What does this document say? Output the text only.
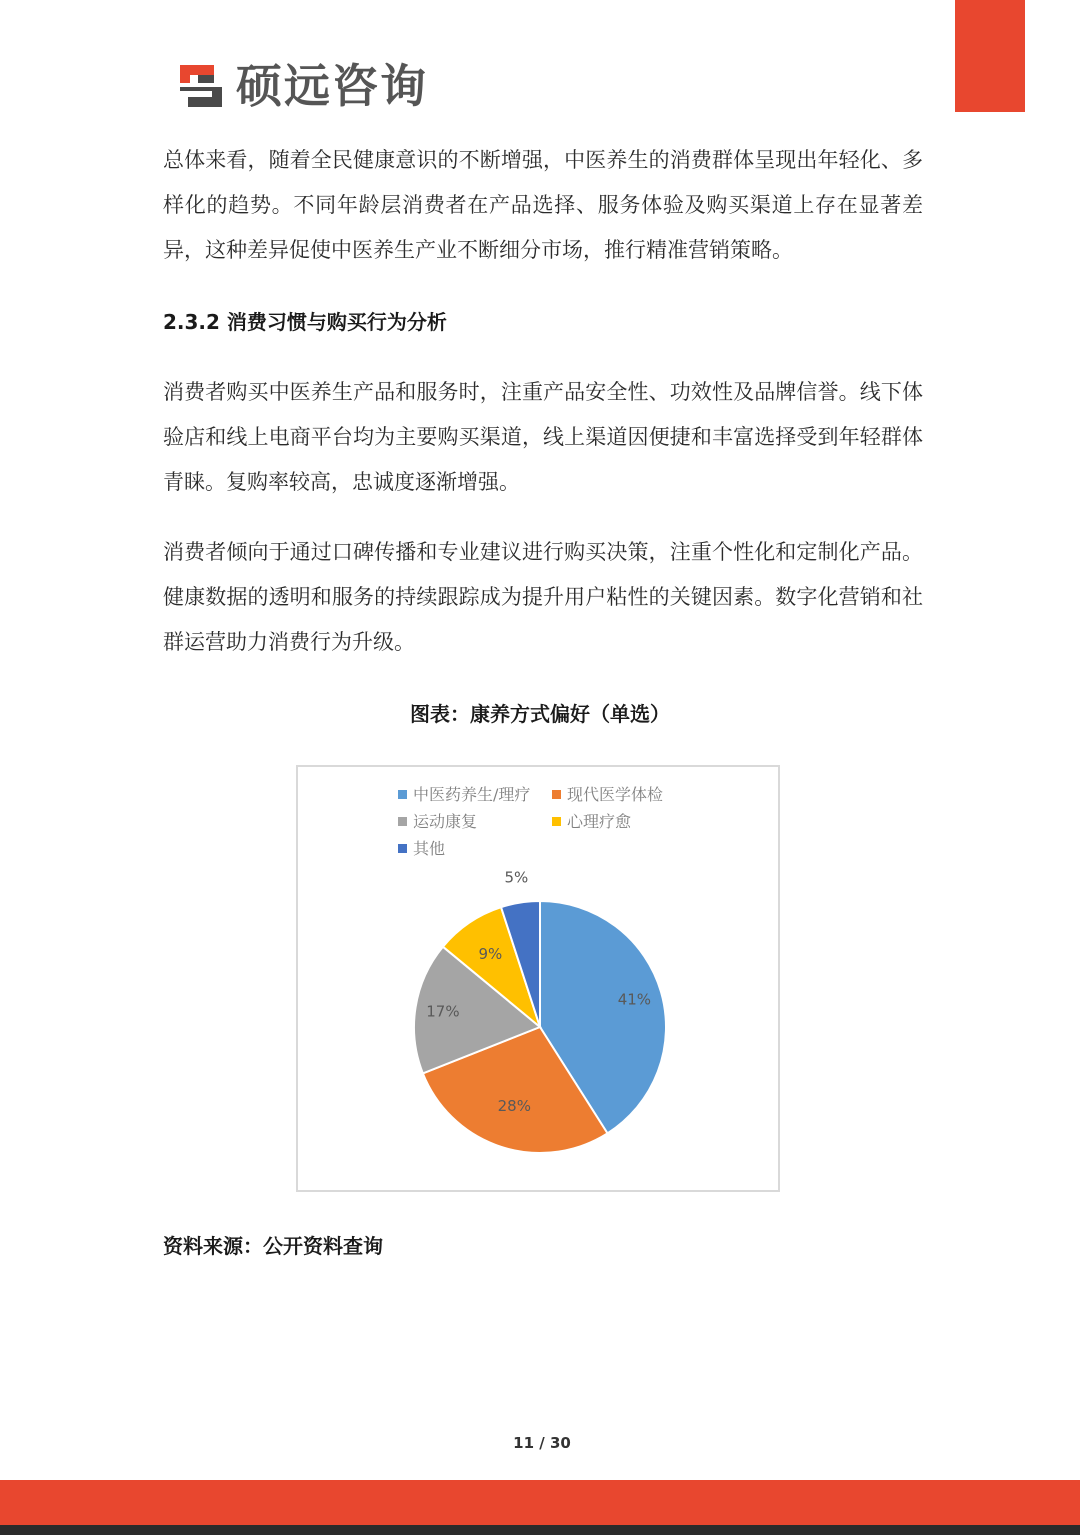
硕远咨询

总体来看，随着全民健康意识的不断增强，中医养生的消费群体呈现出年轻化、多样化的趋势。不同年龄层消费者在产品选择、服务体验及购买渠道上存在显著差异，这种差异促使中医养生产业不断细分市场，推行精准营销策略。

2.3.2 消费习惯与购买行为分析

消费者购买中医养生产品和服务时，注重产品安全性、功效性及品牌信誉。线下体验店和线上电商平台均为主要购买渠道，线上渠道因便捷和丰富选择受到年轻群体青睐。复购率较高，忠诚度逐渐增强。

消费者倾向于通过口碑传播和专业建议进行购买决策，注重个性化和定制化产品。健康数据的透明和服务的持续跟踪成为提升用户粘性的关键因素。数字化营销和社群运营助力消费行为升级。

图表：康养方式偏好（单选）
中医药养生/理疗 现代医学体检
运动康复	心理疗愈
其他
41%
28%
17%
9%
5%
资料来源：公开资料查询
11 / 30
